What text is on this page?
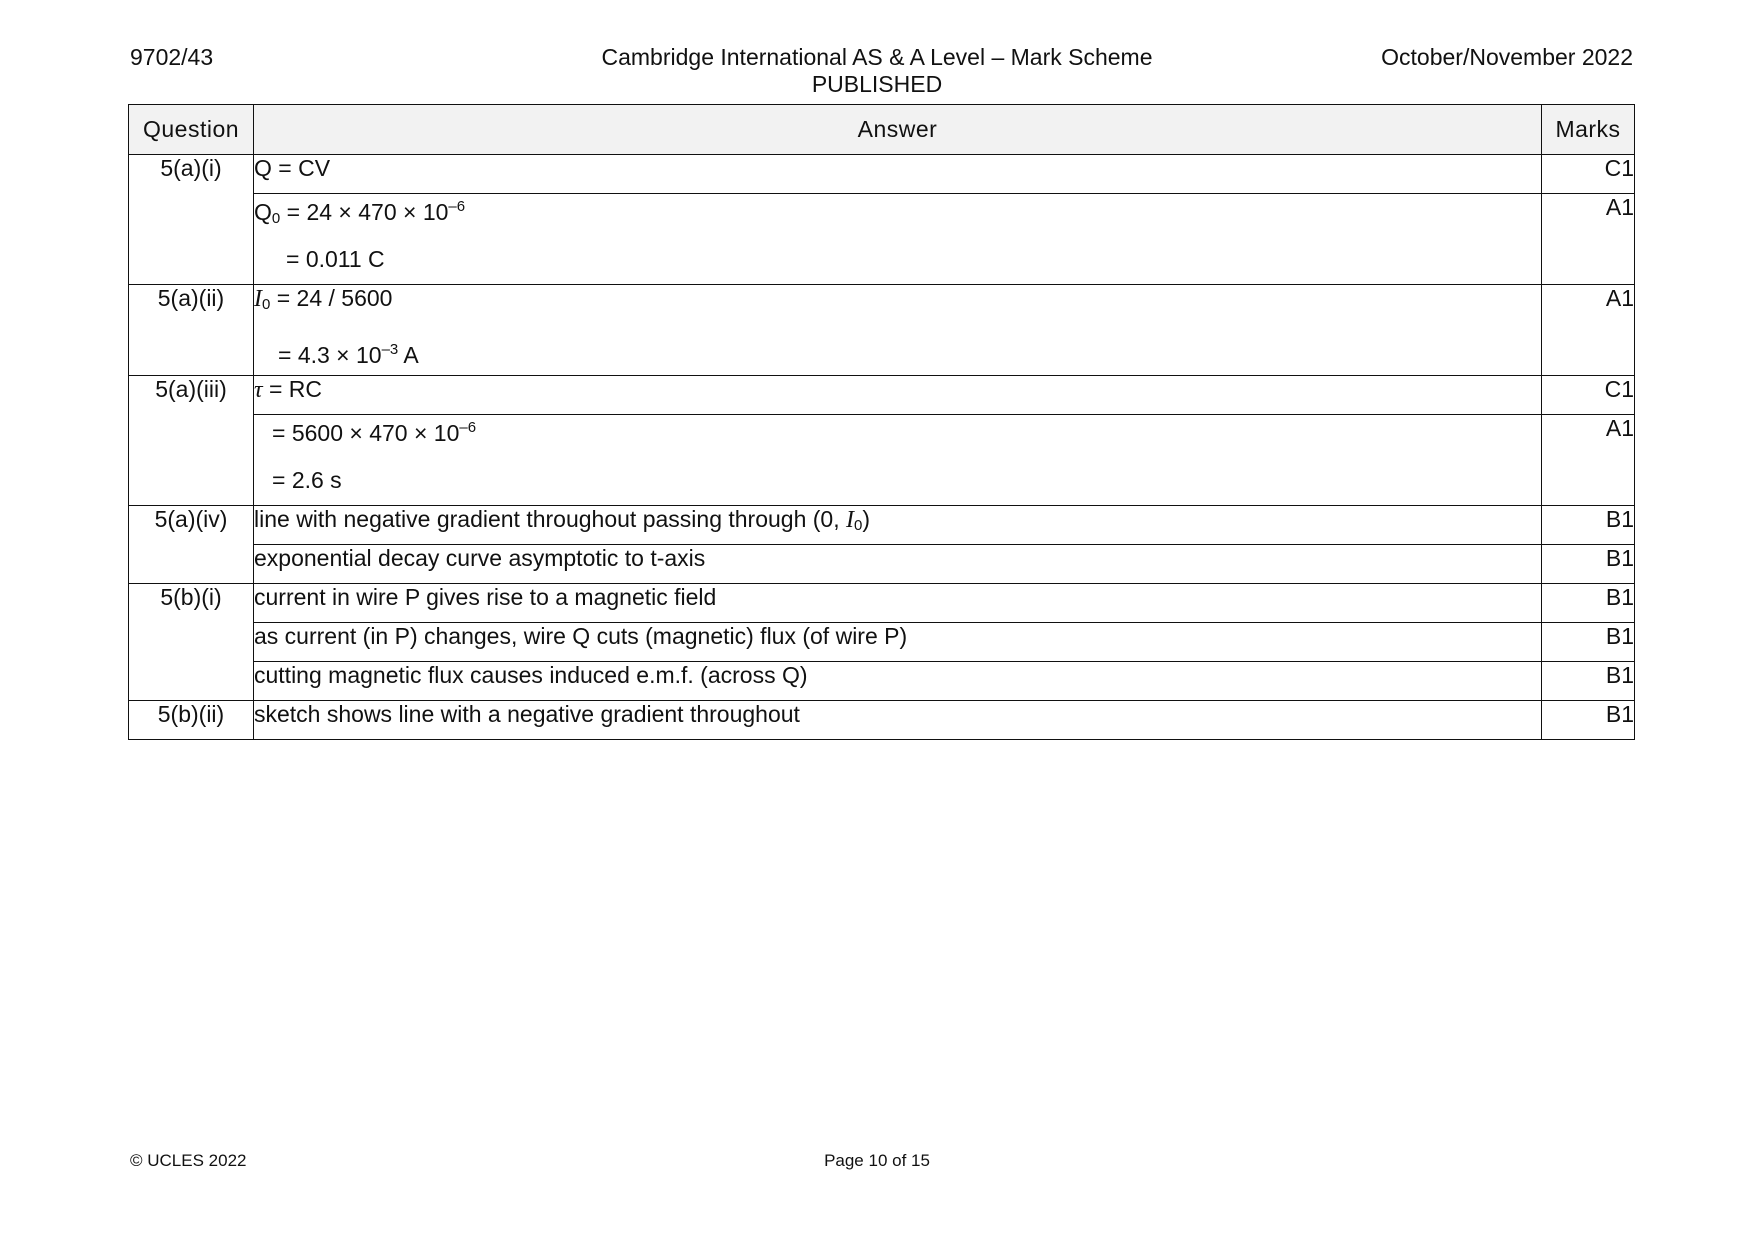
9702/43	Cambridge International AS & A Level – Mark Scheme
PUBLISHED
October/November 2022
Question	Answer	Marks
5(a)(i)	Q = CV	C1

	$Q_0 = 24 \times 470 \times 10^{-6}$
= 0.011 C	A1
5(a)(ii)	$I_0 = 24 / 5600$
= $4.3 \times 10^{-3}$ A	A1
5(a)(iii)	τ = RC	C1

	= $5600 \times 470 \times 10^{-6}$
= 2.6 s	A1
5(a)(iv)	line with negative gradient throughout passing through (0, $I_0$)	B1

	exponential decay curve asymptotic to t-axis	B1
5(b)(i)	current in wire P gives rise to a magnetic field	B1

	as current (in P) changes, wire Q cuts (magnetic) flux (of wire P)	B1

	cutting magnetic flux causes induced e.m.f. (across Q)	B1
5(b)(ii)	sketch shows line with a negative gradient throughout	B1
© UCLES 2022	Page 10 of 15
